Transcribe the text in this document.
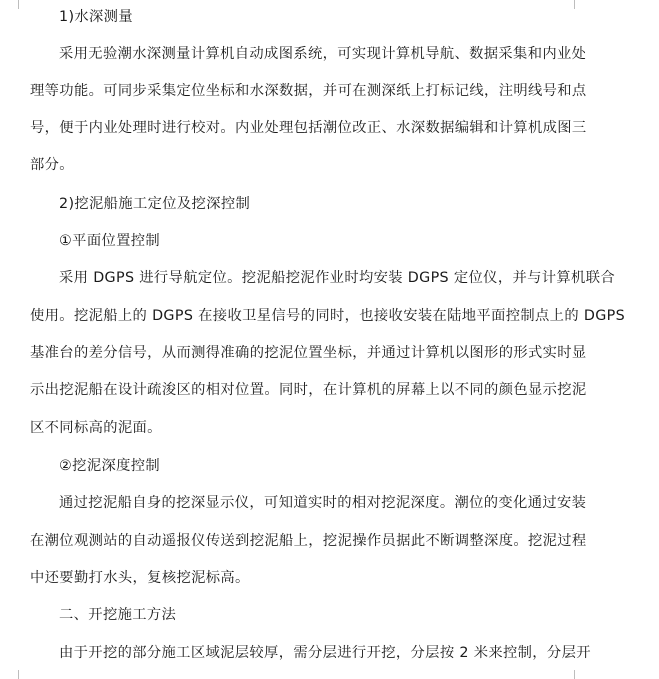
1)水深测量
采用无验潮水深测量计算机自动成图系统，可实现计算机导航、数据采集和内业处
理等功能。可同步采集定位坐标和水深数据，并可在测深纸上打标记线，注明线号和点
号，便于内业处理时进行校对。内业处理包括潮位改正、水深数据编辑和计算机成图三
部分。
2)挖泥船施工定位及挖深控制
①平面位置控制
采用 DGPS 进行导航定位。挖泥船挖泥作业时均安装 DGPS 定位仪，并与计算机联合
使用。挖泥船上的 DGPS 在接收卫星信号的同时，也接收安装在陆地平面控制点上的 DGPS
基准台的差分信号，从而测得准确的挖泥位置坐标，并通过计算机以图形的形式实时显
示出挖泥船在设计疏浚区的相对位置。同时，在计算机的屏幕上以不同的颜色显示挖泥
区不同标高的泥面。
②挖泥深度控制
通过挖泥船自身的挖深显示仪，可知道实时的相对挖泥深度。潮位的变化通过安装
在潮位观测站的自动遥报仪传送到挖泥船上，挖泥操作员据此不断调整深度。挖泥过程
中还要勤打水头，复核挖泥标高。
二、开挖施工方法
由于开挖的部分施工区域泥层较厚，需分层进行开挖，分层按 2 米来控制，分层开
